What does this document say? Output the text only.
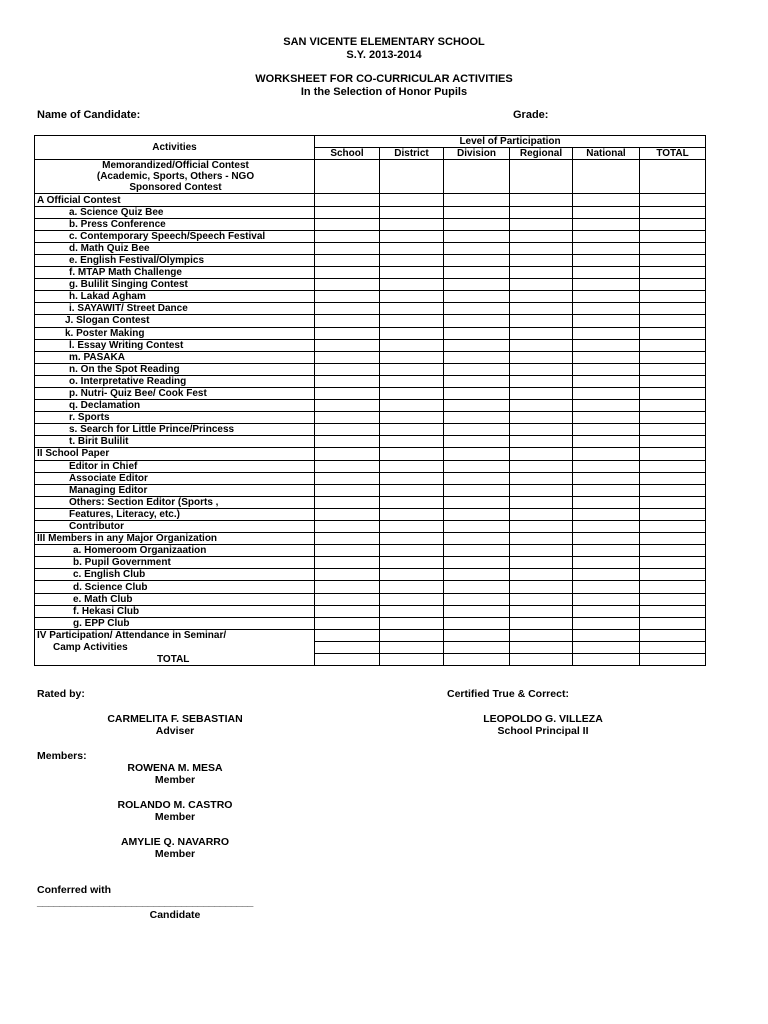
SAN VICENTE ELEMENTARY SCHOOL
S.Y. 2013-2014
WORKSHEET FOR CO-CURRICULAR ACTIVITIES
In the Selection of Honor Pupils
Name of Candidate:	Grade:
Activities	Level of Participation					
	School	District	Division	Regional	National	TOTAL
Memorandized/Official Contest						
(Academic, Sports, Others - NGO						
Sponsored Contest						
A Official Contest						
a. Science Quiz Bee						
b. Press Conference						
c. Contemporary Speech/Speech Festival						
d. Math Quiz Bee						
e. English Festival/Olympics						
f. MTAP Math Challenge						
g. Bulilit Singing Contest						
h. Lakad Agham						
i. SAYAWIT/ Street Dance						
J. Slogan Contest						
k. Poster Making						
l. Essay Writing Contest						
m. PASAKA						
n. On the Spot Reading						
o. Interpretative Reading						
p. Nutri- Quiz Bee/ Cook Fest						
q. Declamation						
r. Sports						
s. Search for Little Prince/Princess						
t. Birit Bulilit						
II School Paper						
Editor in Chief						
Associate Editor						
Managing Editor						
Others: Section Editor (Sports ,						
Features, Literacy, etc.)						
Contributor						
III Members in any Major Organization						
a. Homeroom Organizaation						
b. Pupil Government						
c. English Club						
d. Science Club						
e. Math Club						
f. Hekasi Club						
g. EPP Club						
IV Participation/ Attendance in Seminar/						
Camp Activities						
TOTAL						
Rated by:	Certified True & Correct:
CARMELITA F. SEBASTIAN
Adviser
LEOPOLDO G. VILLEZA
School Principal II
Members:
ROWENA M. MESA
Member
ROLANDO M. CASTRO
Member
AMYLIE Q. NAVARRO
Member
Conferred with
_______________________________________
Candidate
